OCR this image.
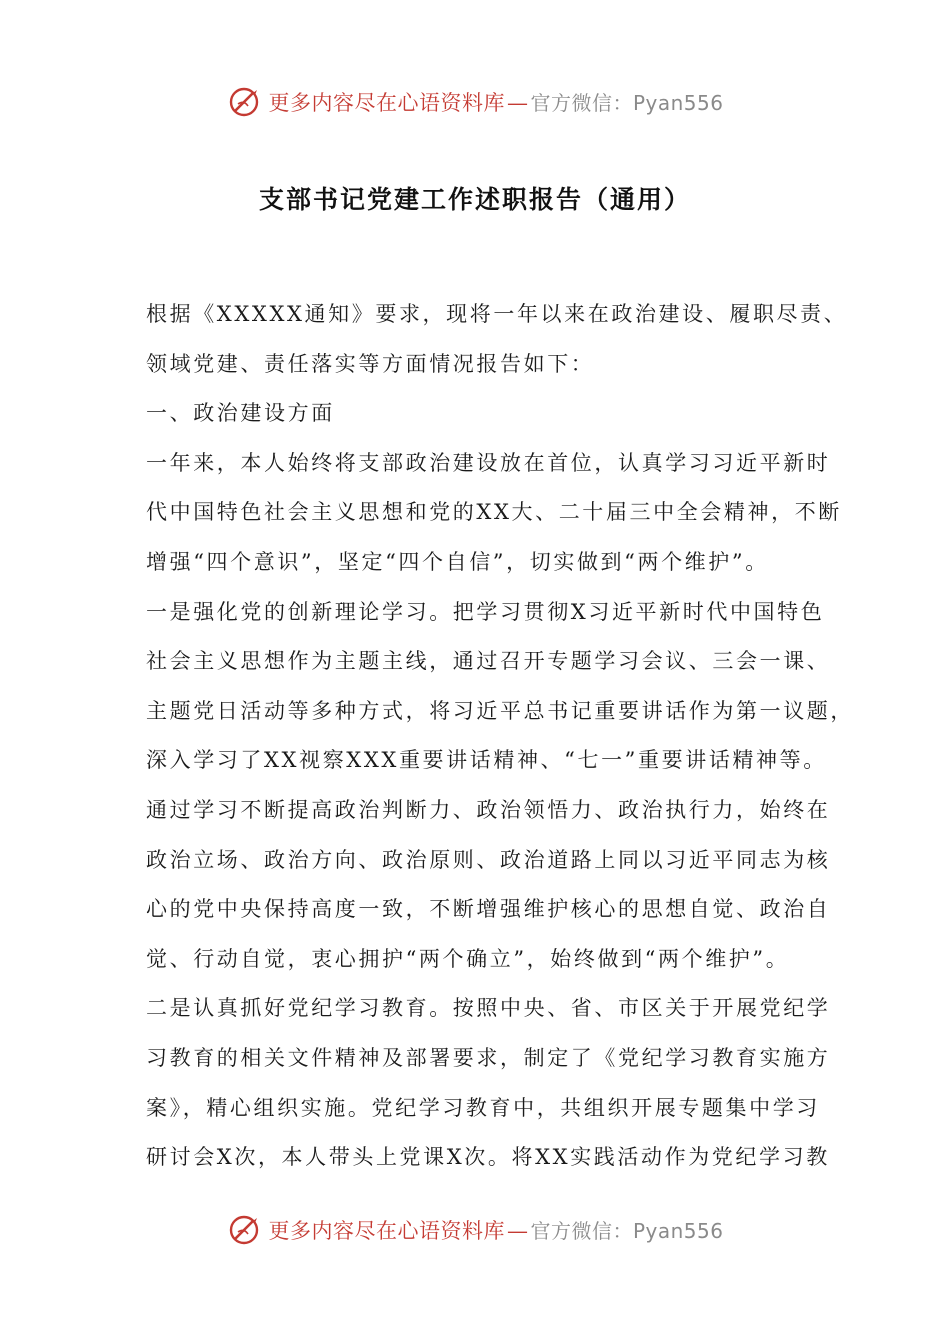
更多内容尽在心语资料库 — 官方微信：Pyan556
支部书记党建工作述职报告（通用）
根据《XXXXX通知》要求，现将一年以来在政治建设、履职尽责、
领域党建、责任落实等方面情况报告如下：
一、政治建设方面
一年来，本人始终将支部政治建设放在首位，认真学习习近平新时
代中国特色社会主义思想和党的XX大、二十届三中全会精神，不断
增强“四个意识”，坚定“四个自信”，切实做到“两个维护”。
一是强化党的创新理论学习。把学习贯彻X习近平新时代中国特色
社会主义思想作为主题主线，通过召开专题学习会议、三会一课、
主题党日活动等多种方式，将习近平总书记重要讲话作为第一议题，
深入学习了XX视察XXX重要讲话精神、“七一”重要讲话精神等。
通过学习不断提高政治判断力、政治领悟力、政治执行力，始终在
政治立场、政治方向、政治原则、政治道路上同以习近平同志为核
心的党中央保持高度一致，不断增强维护核心的思想自觉、政治自
觉、行动自觉，衷心拥护“两个确立”，始终做到“两个维护”。
二是认真抓好党纪学习教育。按照中央、省、市区关于开展党纪学
习教育的相关文件精神及部署要求，制定了《党纪学习教育实施方
案》，精心组织实施。党纪学习教育中，共组织开展专题集中学习
研讨会X次，本人带头上党课X次。将XX实践活动作为党纪学习教
更多内容尽在心语资料库 — 官方微信：Pyan556
